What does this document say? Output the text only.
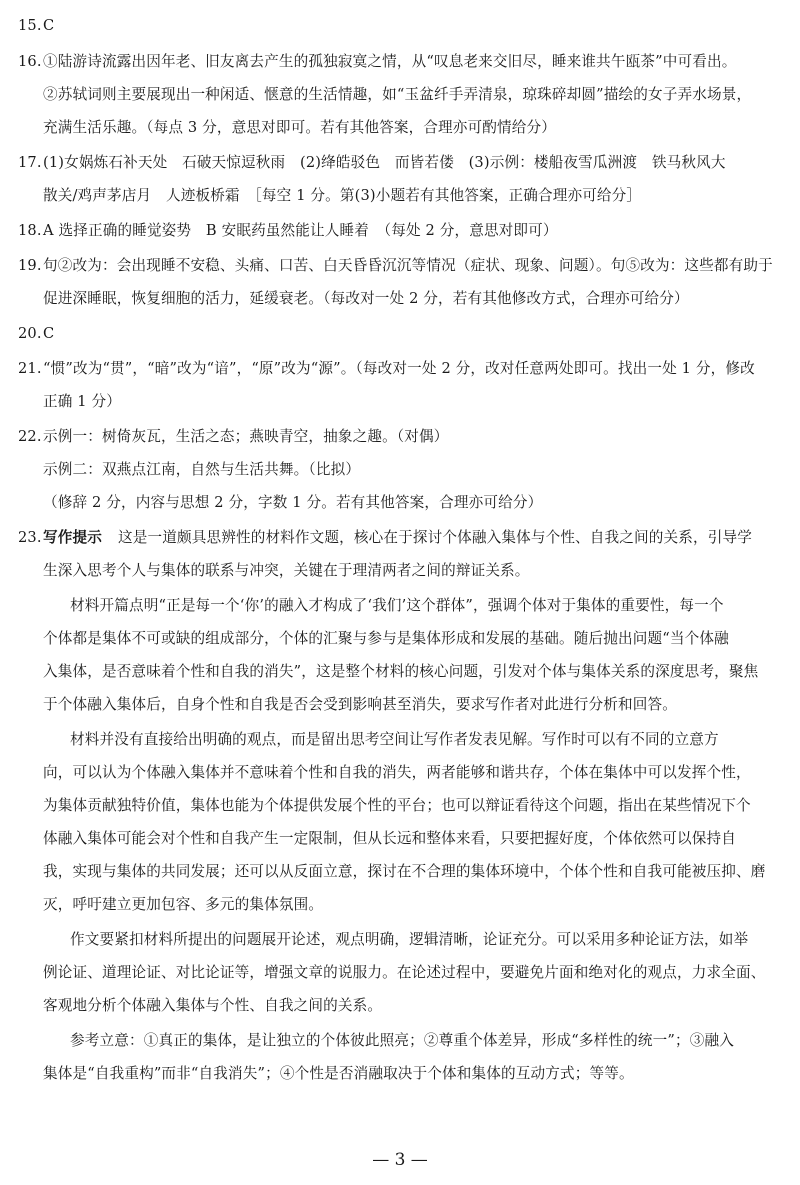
15. C
16. ①陆游诗流露出因年老、旧友离去产生的孤独寂寞之情，从“叹息老来交旧尽，睡来谁共午瓯茶”中可看出。
②苏轼词则主要展现出一种闲适、惬意的生活情趣，如“玉盆纤手弄清泉，琼珠碎却圆”描绘的女子弄水场景，
充满生活乐趣。（每点 3 分，意思对即可。若有其他答案，合理亦可酌情给分）
17. (1)女娲炼石补天处　石破天惊逗秋雨　(2)绛皓驳色　而皆若偻　(3)示例：楼船夜雪瓜洲渡　铁马秋风大
散关/鸡声茅店月　人迹板桥霜　［每空 1 分。第(3)小题若有其他答案，正确合理亦可给分］
18. A 选择正确的睡觉姿势　B 安眠药虽然能让人睡着　（每处 2 分，意思对即可）
19. 句②改为：会出现睡不安稳、头痛、口苦、白天昏昏沉沉等情况（症状、现象、问题）。句⑤改为：这些都有助于
促进深睡眠，恢复细胞的活力，延缓衰老。（每改对一处 2 分，若有其他修改方式，合理亦可给分）
20. C
21. “惯”改为“贯”，“暗”改为“谙”，“原”改为“源”。（每改对一处 2 分，改对任意两处即可。找出一处 1 分，修改
正确 1 分）
22. 示例一：树倚灰瓦，生活之态；燕映青空，抽象之趣。（对偶）
示例二：双燕点江南，自然与生活共舞。（比拟）
（修辞 2 分，内容与思想 2 分，字数 1 分。若有其他答案，合理亦可给分）
23. 写作提示 这是一道颇具思辨性的材料作文题，核心在于探讨个体融入集体与个性、自我之间的关系，引导学
生深入思考个人与集体的联系与冲突，关键在于理清两者之间的辩证关系。
材料开篇点明“正是每一个‘你’的融入才构成了‘我们’这个群体”，强调个体对于集体的重要性，每一个
个体都是集体不可或缺的组成部分，个体的汇聚与参与是集体形成和发展的基础。随后抛出问题“当个体融
入集体，是否意味着个性和自我的消失”，这是整个材料的核心问题，引发对个体与集体关系的深度思考，聚焦
于个体融入集体后，自身个性和自我是否会受到影响甚至消失，要求写作者对此进行分析和回答。
材料并没有直接给出明确的观点，而是留出思考空间让写作者发表见解。写作时可以有不同的立意方
向，可以认为个体融入集体并不意味着个性和自我的消失，两者能够和谐共存，个体在集体中可以发挥个性，
为集体贡献独特价值，集体也能为个体提供发展个性的平台；也可以辩证看待这个问题，指出在某些情况下个
体融入集体可能会对个性和自我产生一定限制，但从长远和整体来看，只要把握好度，个体依然可以保持自
我，实现与集体的共同发展；还可以从反面立意，探讨在不合理的集体环境中，个体个性和自我可能被压抑、磨
灭，呼吁建立更加包容、多元的集体氛围。
作文要紧扣材料所提出的问题展开论述，观点明确，逻辑清晰，论证充分。可以采用多种论证方法，如举
例论证、道理论证、对比论证等，增强文章的说服力。在论述过程中，要避免片面和绝对化的观点，力求全面、
客观地分析个体融入集体与个性、自我之间的关系。
参考立意：①真正的集体，是让独立的个体彼此照亮；②尊重个体差异，形成“多样性的统一”；③融入
集体是“自我重构”而非“自我消失”；④个性是否消融取决于个体和集体的互动方式；等等。
— 3 —
